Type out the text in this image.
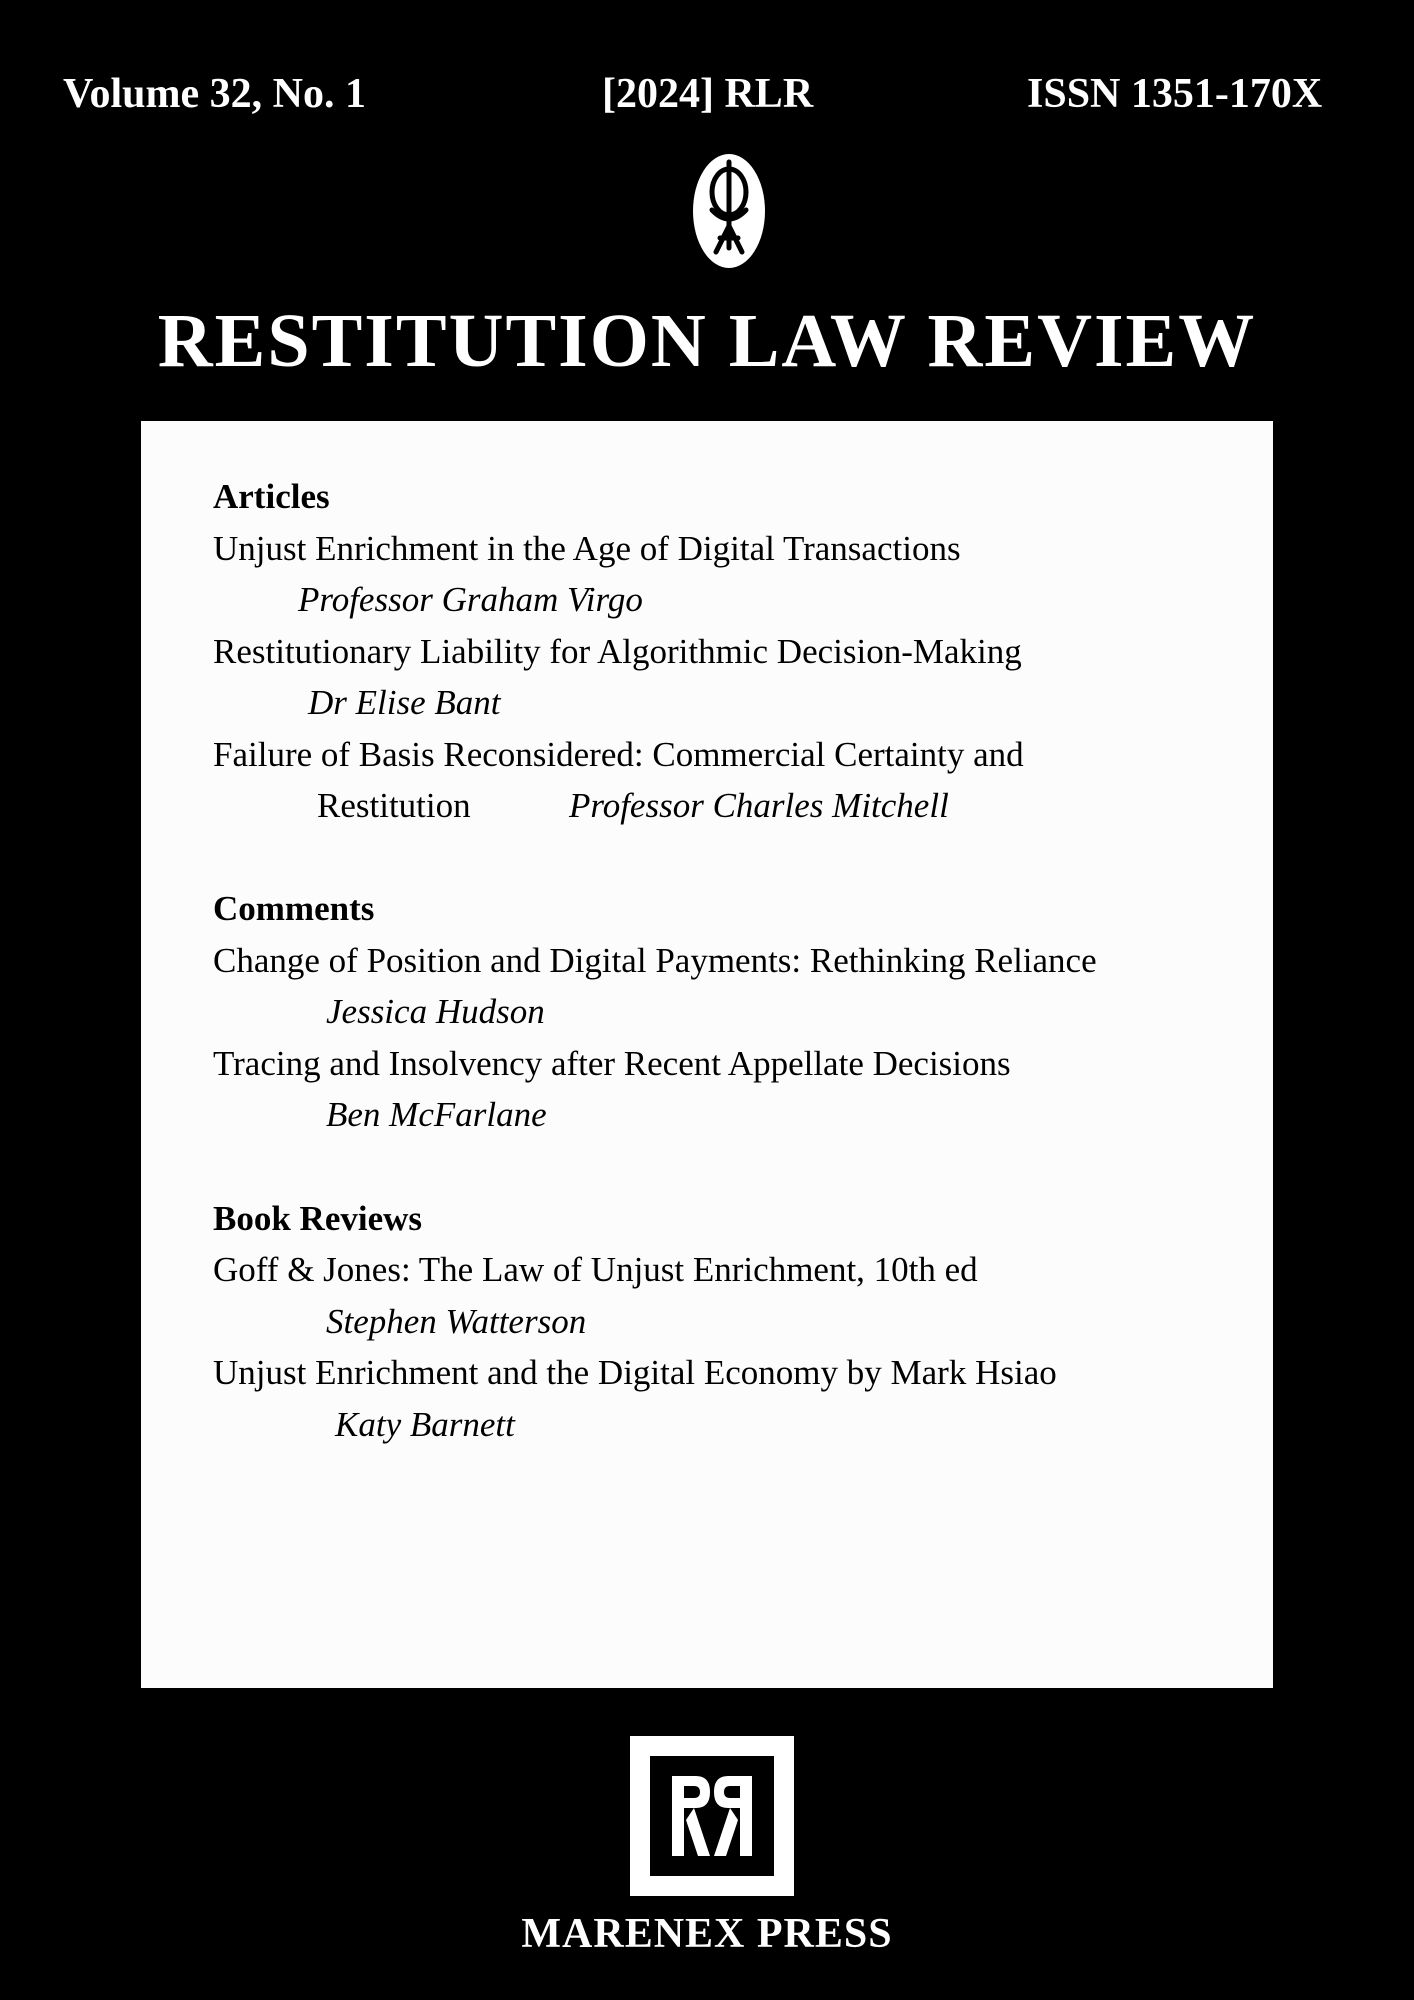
Volume 32, No. 1	[2024] RLR	ISSN 1351-170X
RESTITUTION LAW REVIEW
Articles
Unjust Enrichment in the Age of Digital Transactions
Professor Graham Virgo
Restitutionary Liability for Algorithmic Decision-Making
Dr Elise Bant
Failure of Basis Reconsidered: Commercial Certainty and
Restitution	Professor Charles Mitchell
Comments
Change of Position and Digital Payments: Rethinking Reliance
Jessica Hudson
Tracing and Insolvency after Recent Appellate Decisions
Ben McFarlane
Book Reviews
Goff & Jones: The Law of Unjust Enrichment, 10th ed
Stephen Watterson
Unjust Enrichment and the Digital Economy by Mark Hsiao
Katy Barnett
MARENEX PRESS
